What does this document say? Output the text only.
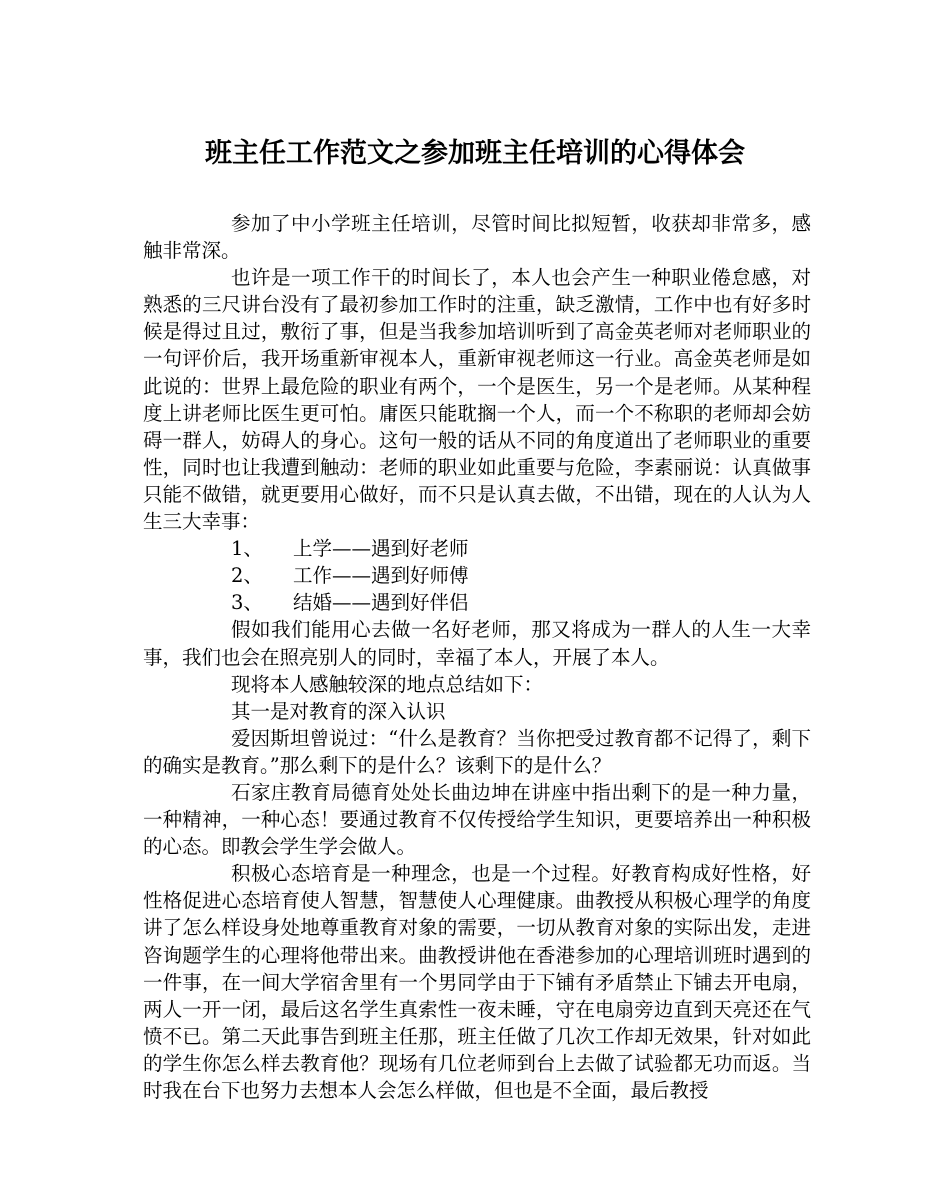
班主任工作范文之参加班主任培训的心得体会

参加了中小学班主任培训，尽管时间比拟短暂，收获却非常多，感触非常深。

也许是一项工作干的时间长了，本人也会产生一种职业倦怠感，对熟悉的三尺讲台没有了最初参加工作时的注重，缺乏激情，工作中也有好多时候是得过且过，敷衍了事，但是当我参加培训听到了高金英老师对老师职业的一句评价后，我开场重新审视本人，重新审视老师这一行业。高金英老师是如此说的：世界上最危险的职业有两个，一个是医生，另一个是老师。从某种程度上讲老师比医生更可怕。庸医只能耽搁一个人，而一个不称职的老师却会妨碍一群人，妨碍人的身心。这句一般的话从不同的角度道出了老师职业的重要性，同时也让我遭到触动：老师的职业如此重要与危险，李素丽说：认真做事只能不做错，就更要用心做好，而不只是认真去做，不出错，现在的人认为人生三大幸事：

1、	上学——遇到好老师
2、	工作——遇到好师傅
3、	结婚——遇到好伴侣

假如我们能用心去做一名好老师，那又将成为一群人的人生一大幸事，我们也会在照亮别人的同时，幸福了本人，开展了本人。

现将本人感触较深的地点总结如下：

其一是对教育的深入认识

爱因斯坦曾说过：“什么是教育？当你把受过教育都不记得了，剩下的确实是教育。”那么剩下的是什么？该剩下的是什么？

石家庄教育局德育处处长曲边坤在讲座中指出剩下的是一种力量，一种精神，一种心态！要通过教育不仅传授给学生知识，更要培养出一种积极的心态。即教会学生学会做人。

积极心态培育是一种理念，也是一个过程。好教育构成好性格，好性格促进心态培育使人智慧，智慧使人心理健康。曲教授从积极心理学的角度讲了怎么样设身处地尊重教育对象的需要，一切从教育对象的实际出发，走进咨询题学生的心理将他带出来。曲教授讲他在香港参加的心理培训班时遇到的一件事，在一间大学宿舍里有一个男同学由于下铺有矛盾禁止下铺去开电扇，两人一开一闭，最后这名学生真索性一夜未睡，守在电扇旁边直到天亮还在气愤不已。第二天此事告到班主任那，班主任做了几次工作却无效果，针对如此的学生你怎么样去教育他？现场有几位老师到台上去做了试验都无功而返。当时我在台下也努力去想本人会怎么样做，但也是不全面，最后教授
